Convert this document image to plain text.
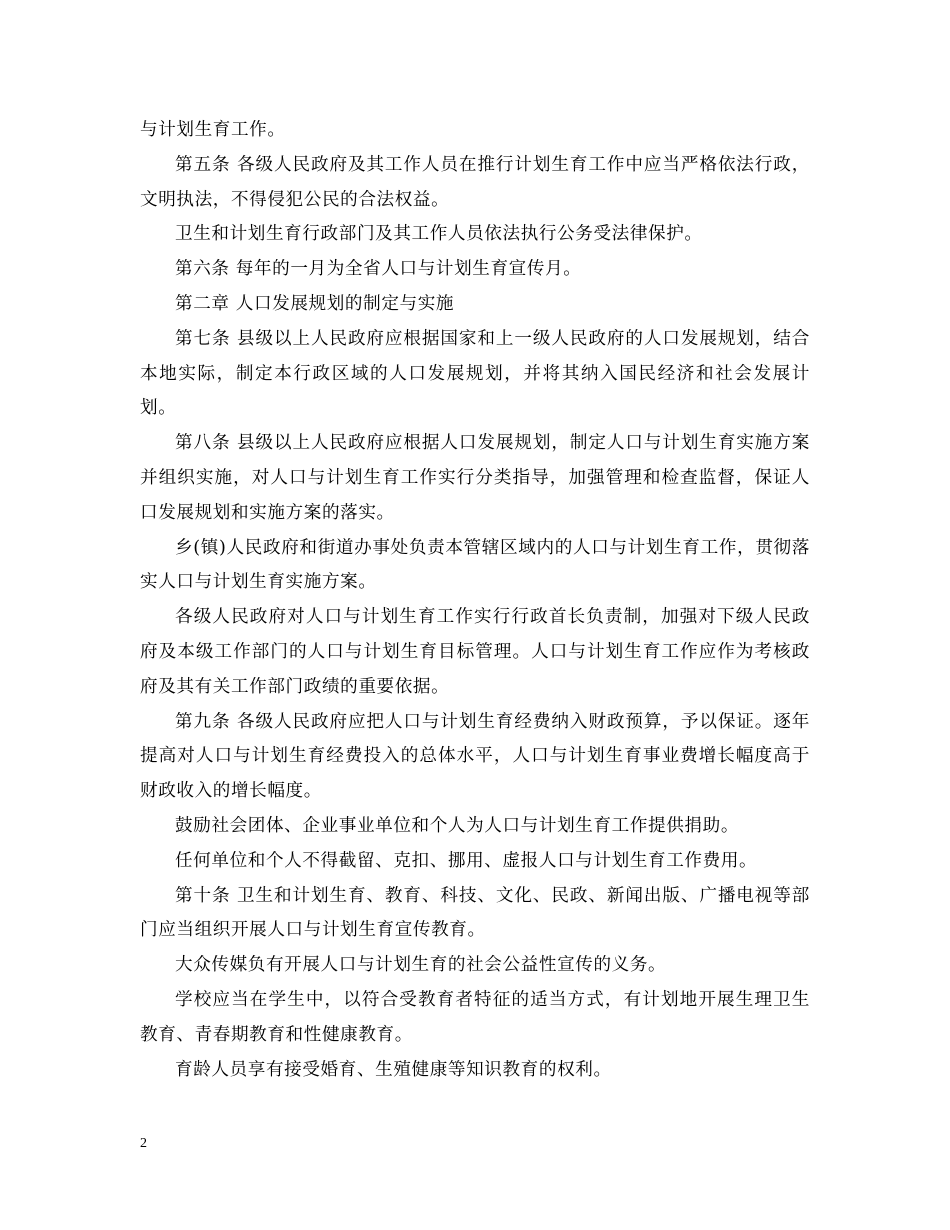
与计划生育工作。

第五条 各级人民政府及其工作人员在推行计划生育工作中应当严格依法行政，文明执法，不得侵犯公民的合法权益。

卫生和计划生育行政部门及其工作人员依法执行公务受法律保护。

第六条 每年的一月为全省人口与计划生育宣传月。

第二章 人口发展规划的制定与实施

第七条 县级以上人民政府应根据国家和上一级人民政府的人口发展规划，结合本地实际，制定本行政区域的人口发展规划，并将其纳入国民经济和社会发展计划。

第八条 县级以上人民政府应根据人口发展规划，制定人口与计划生育实施方案并组织实施，对人口与计划生育工作实行分类指导，加强管理和检查监督，保证人口发展规划和实施方案的落实。

乡(镇)人民政府和街道办事处负责本管辖区域内的人口与计划生育工作，贯彻落实人口与计划生育实施方案。

各级人民政府对人口与计划生育工作实行行政首长负责制，加强对下级人民政府及本级工作部门的人口与计划生育目标管理。人口与计划生育工作应作为考核政府及其有关工作部门政绩的重要依据。

第九条 各级人民政府应把人口与计划生育经费纳入财政预算，予以保证。逐年提高对人口与计划生育经费投入的总体水平，人口与计划生育事业费增长幅度高于财政收入的增长幅度。

鼓励社会团体、企业事业单位和个人为人口与计划生育工作提供捐助。

任何单位和个人不得截留、克扣、挪用、虚报人口与计划生育工作费用。

第十条 卫生和计划生育、教育、科技、文化、民政、新闻出版、广播电视等部门应当组织开展人口与计划生育宣传教育。

大众传媒负有开展人口与计划生育的社会公益性宣传的义务。

学校应当在学生中，以符合受教育者特征的适当方式，有计划地开展生理卫生教育、青春期教育和性健康教育。

育龄人员享有接受婚育、生殖健康等知识教育的权利。

2
